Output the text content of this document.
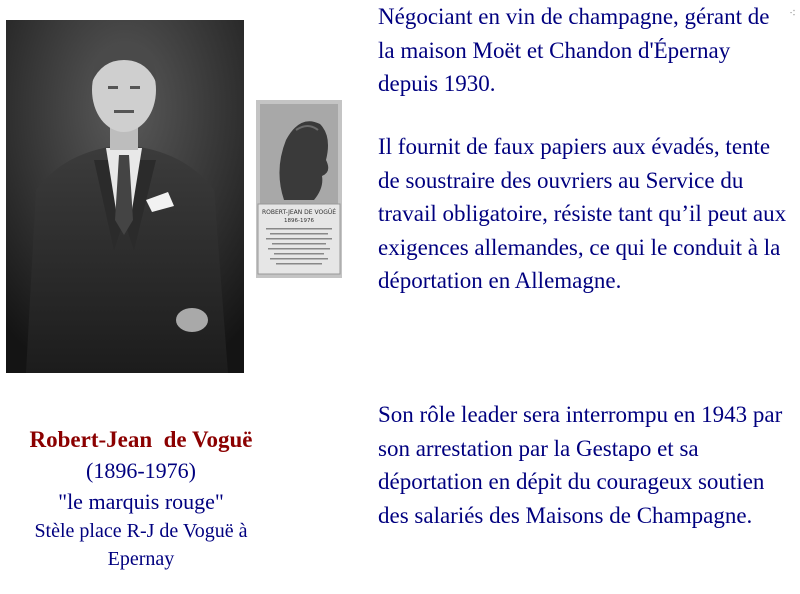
ROBERT-JEAN DE VOGÜÉ
1896-1976
Robert-Jean  de Voguë
(1896-1976)
"le marquis rouge"
Stèle place R-J de Voguë à
Epernay
Négociant en vin de champagne, gérant de la maison Moët et Chandon d'Épernay depuis 1930.
Il fournit de faux papiers aux évadés, tente de soustraire des ouvriers au Service du travail obligatoire, résiste tant qu’il peut aux exigences allemandes, ce qui le conduit à la déportation en Allemagne.
Son rôle leader sera interrompu en 1943 par son arrestation par la Gestapo et sa déportation en dépit du courageux soutien des salariés des Maisons de Champagne.
⁖
